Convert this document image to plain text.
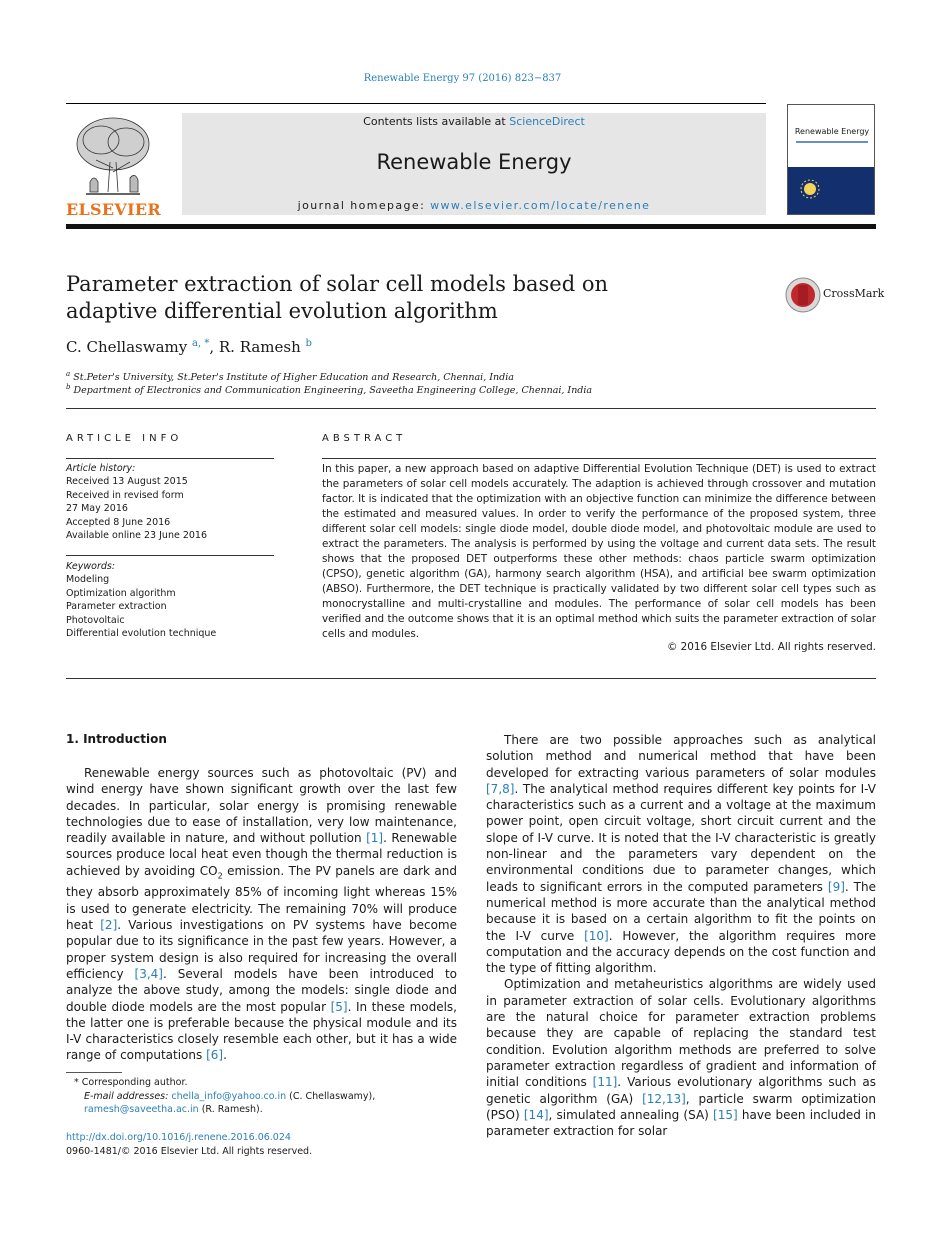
Renewable Energy 97 (2016) 823−837
ELSEVIER
Contents lists available at ScienceDirect
Renewable Energy
journal homepage: www.elsevier.com/locate/renene
Renewable Energy
Parameter extraction of solar cell models based on adaptive differential evolution algorithm
CrossMark
C. Chellaswamy $^{a, *}$, R. Ramesh $^b$
$^a$ St.Peter's University, St.Peter's Institute of Higher Education and Research, Chennai, India
$^b$ Department of Electronics and Communication Engineering, Saveetha Engineering College, Chennai, India
ARTICLE INFO
Article history:
Received 13 August 2015
Received in revised form
27 May 2016
Accepted 8 June 2016
Available online 23 June 2016
Keywords:
Modeling
Optimization algorithm
Parameter extraction
Photovoltaic
Differential evolution technique
ABSTRACT
In this paper, a new approach based on adaptive Differential Evolution Technique (DET) is used to extract the parameters of solar cell models accurately. The adaption is achieved through crossover and mutation factor. It is indicated that the optimization with an objective function can minimize the difference between the estimated and measured values. In order to verify the performance of the proposed system, three different solar cell models: single diode model, double diode model, and photovoltaic module are used to extract the parameters. The analysis is performed by using the voltage and current data sets. The result shows that the proposed DET outperforms these other methods: chaos particle swarm optimization (CPSO), genetic algorithm (GA), harmony search algorithm (HSA), and artificial bee swarm optimization (ABSO). Furthermore, the DET technique is practically validated by two different solar cell types such as monocrystalline and multi-crystalline and modules. The performance of solar cell models has been verified and the outcome shows that it is an optimal method which suits the parameter extraction of solar cells and modules.
© 2016 Elsevier Ltd. All rights reserved.
1. Introduction

Renewable energy sources such as photovoltaic (PV) and wind energy have shown significant growth over the last few decades. In particular, solar energy is promising renewable technologies due to ease of installation, very low maintenance, readily available in nature, and without pollution [1]. Renewable sources produce local heat even though the thermal reduction is achieved by avoiding $CO_2$ emission. The PV panels are dark and they absorb approximately 85% of incoming light whereas 15% is used to generate electricity. The remaining 70% will produce heat [2]. Various investigations on PV systems have become popular due to its significance in the past few years. However, a proper system design is also required for increasing the overall efficiency [3,4]. Several models have been introduced to analyze the above study, among the models: single diode and double diode models are the most popular [5]. In these models, the latter one is preferable because the physical module and its I-V characteristics closely resemble each other, but it has a wide range of computations [6].

There are two possible approaches such as analytical solution method and numerical method that have been developed for extracting various parameters of solar modules [7,8]. The analytical method requires different key points for I-V characteristics such as a current and a voltage at the maximum power point, open circuit voltage, short circuit current and the slope of I-V curve. It is noted that the I-V characteristic is greatly non-linear and the parameters vary dependent on the environmental conditions due to parameter changes, which leads to significant errors in the computed parameters [9]. The numerical method is more accurate than the analytical method because it is based on a certain algorithm to fit the points on the I-V curve [10]. However, the algorithm requires more computation and the accuracy depends on the cost function and the type of fitting algorithm.

Optimization and metaheuristics algorithms are widely used in parameter extraction of solar cells. Evolutionary algorithms are the natural choice for parameter extraction problems because they are capable of replacing the standard test condition. Evolution algorithm methods are preferred to solve parameter extraction regardless of gradient and information of initial conditions [11]. Various evolutionary algorithms such as genetic algorithm (GA) [12,13], particle swarm optimization (PSO) [14], simulated annealing (SA) [15] have been included in parameter extraction for solar

* Corresponding author.
E-mail addresses: chella_info@yahoo.co.in (C. Chellaswamy), ramesh@saveetha.ac.in (R. Ramesh).
http://dx.doi.org/10.1016/j.renene.2016.06.024
0960-1481/© 2016 Elsevier Ltd. All rights reserved.
